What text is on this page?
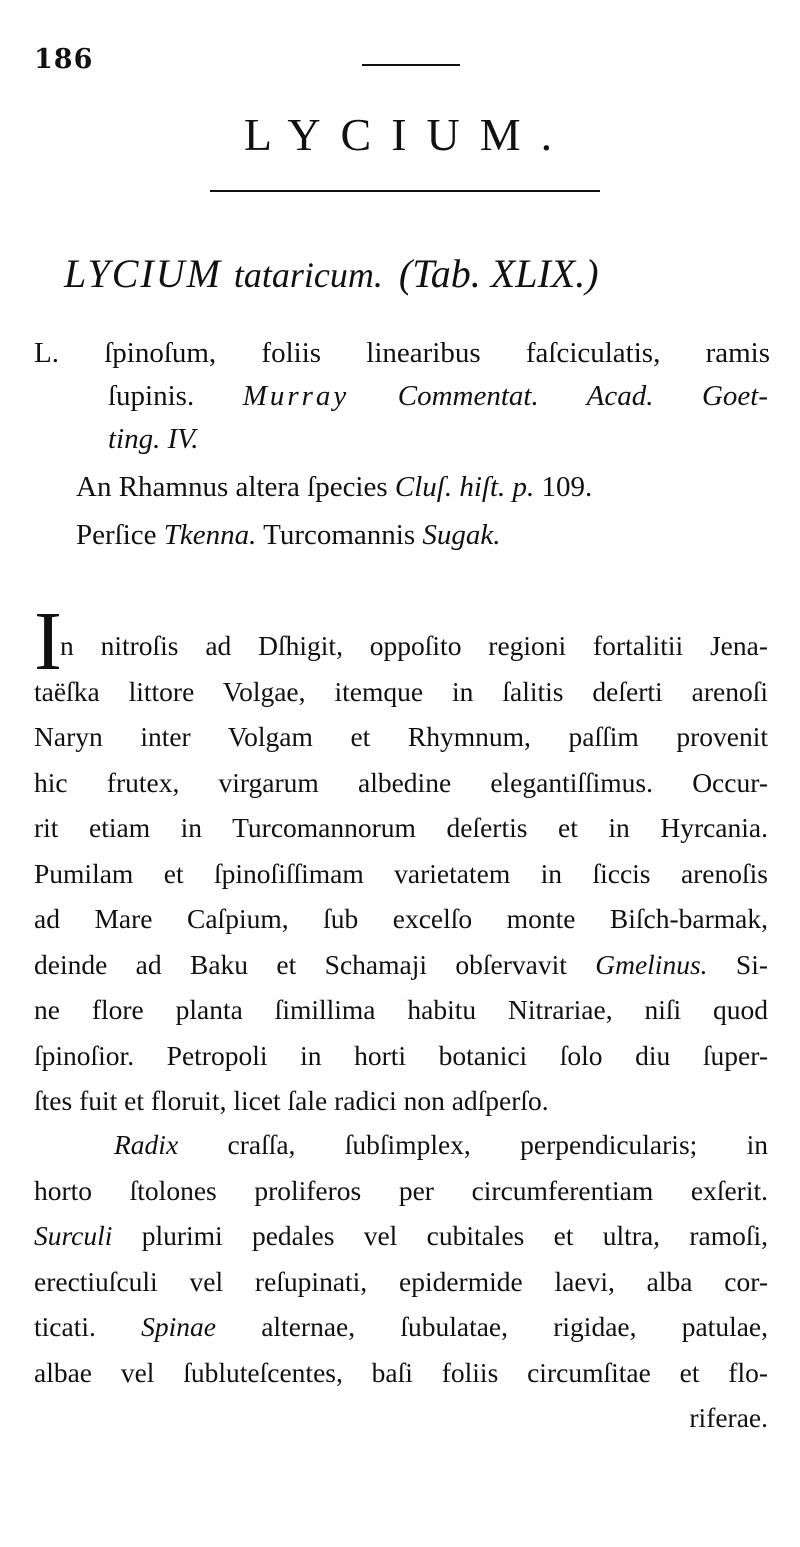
186
LYCIUM.
LYCIUM tataricum. (Tab. XLIX.)
L. ſpinoſum, foliis linearibus faſciculatis, ramis
ſupinis. Murray Commentat. Acad. Goet-
ting. IV.
An Rhamnus altera ſpecies Cluſ. hiſt. p. 109.
Perſice Tkenna. Turcomannis Sugak.
I
n nitroſis ad Dſhigit, oppoſito regioni fortalitii Jena-
taëſka littore Volgae, itemque in ſalitis deſerti arenoſi
Naryn inter Volgam et Rhymnum, paſſim provenit
hic frutex, virgarum albedine elegantiſſimus. Occur-
rit etiam in Turcomannorum deſertis et in Hyrcania.
Pumilam et ſpinoſiſſimam varietatem in ſiccis arenoſis
ad Mare Caſpium, ſub excelſo monte Biſch-barmak,
deinde ad Baku et Schamaji obſervavit Gmelinus. Si-
ne flore planta ſimillima habitu Nitrariae, niſi quod
ſpinoſior. Petropoli in horti botanici ſolo diu ſuper-
ſtes fuit et floruit, licet ſale radici non adſperſo.
Radix craſſa, ſubſimplex, perpendicularis; in
horto ſtolones proliferos per circumferentiam exſerit.
Surculi plurimi pedales vel cubitales et ultra, ramoſi,
erectiuſculi vel reſupinati, epidermide laevi, alba cor-
ticati. Spinae alternae, ſubulatae, rigidae, patulae,
albae vel ſubluteſcentes, baſi foliis circumſitae et flo-
riferae.
